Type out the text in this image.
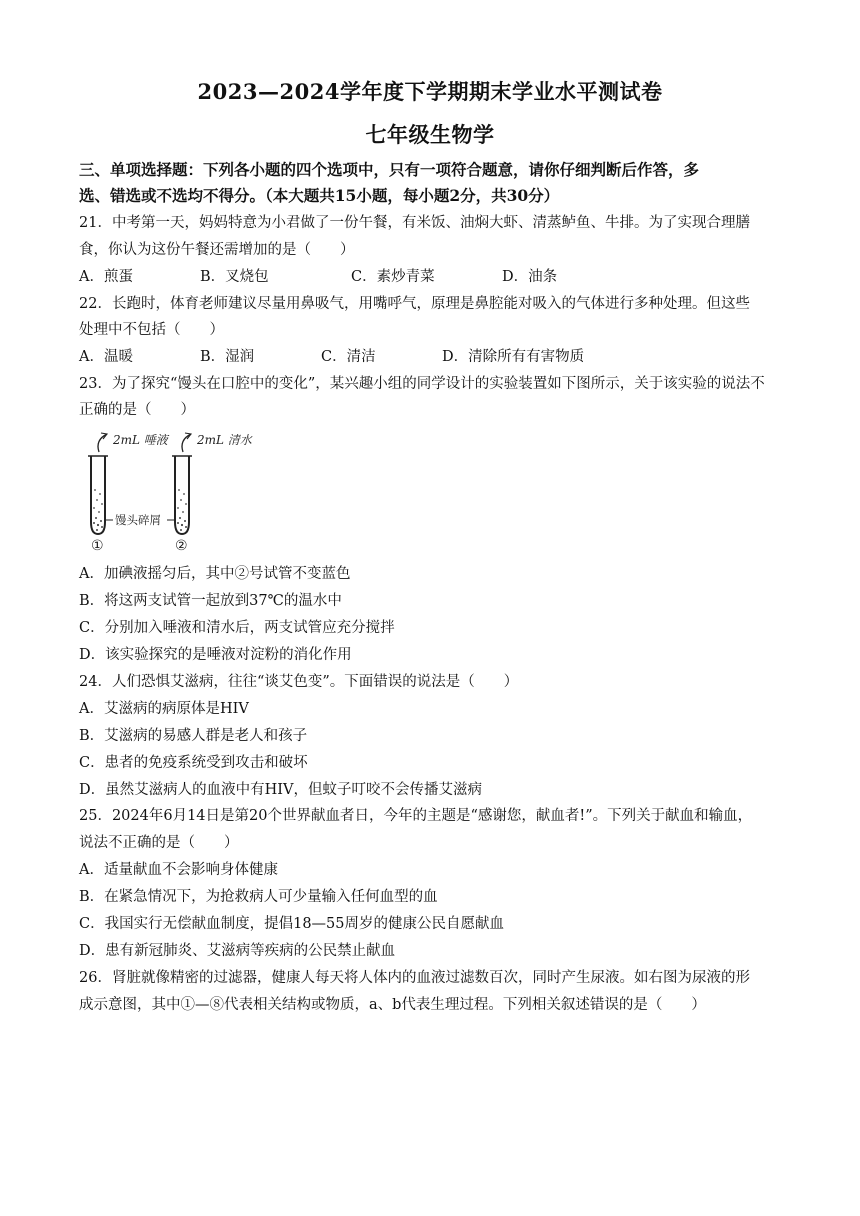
2023—2024学年度下学期期末学业水平测试卷
七年级生物学
三、单项选择题：下列各小题的四个选项中，只有一项符合题意，请你仔细判断后作答，多
选、错选或不选均不得分。（本大题共15小题，每小题2分，共30分）
21．中考第一天，妈妈特意为小君做了一份午餐，有米饭、油焖大虾、清蒸鲈鱼、牛排。为了实现合理膳
食，你认为这份午餐还需增加的是（　　）
A．煎蛋	B．叉烧包	C．素炒青菜	D．油条
22．长跑时，体育老师建议尽量用鼻吸气，用嘴呼气，原理是鼻腔能对吸入的气体进行多种处理。但这些
处理中不包括（　　）
A．温暖	B．湿润	C．清洁	D．清除所有有害物质
23．为了探究“馒头在口腔中的变化”，某兴趣小组的同学设计的实验装置如下图所示，关于该实验的说法不
正确的是（　　）
2mL 唾液 2mL 清水
馒头碎屑
①	②
A．加碘液摇匀后，其中②号试管不变蓝色
B．将这两支试管一起放到37℃的温水中
C．分别加入唾液和清水后，两支试管应充分搅拌
D．该实验探究的是唾液对淀粉的消化作用
24．人们恐惧艾滋病，往往“谈艾色变”。下面错误的说法是（　　）
A．艾滋病的病原体是HIV
B．艾滋病的易感人群是老人和孩子
C．患者的免疫系统受到攻击和破坏
D．虽然艾滋病人的血液中有HIV，但蚊子叮咬不会传播艾滋病
25．2024年6月14日是第20个世界献血者日，今年的主题是“感谢您，献血者!”。下列关于献血和输血，
说法不正确的是（　　）
A．适量献血不会影响身体健康
B．在紧急情况下，为抢救病人可少量输入任何血型的血
C．我国实行无偿献血制度，提倡18—55周岁的健康公民自愿献血
D．患有新冠肺炎、艾滋病等疾病的公民禁止献血
26．肾脏就像精密的过滤器，健康人每天将人体内的血液过滤数百次，同时产生尿液。如右图为尿液的形
成示意图，其中①—⑧代表相关结构或物质，a、b代表生理过程。下列相关叙述错误的是（　　）
